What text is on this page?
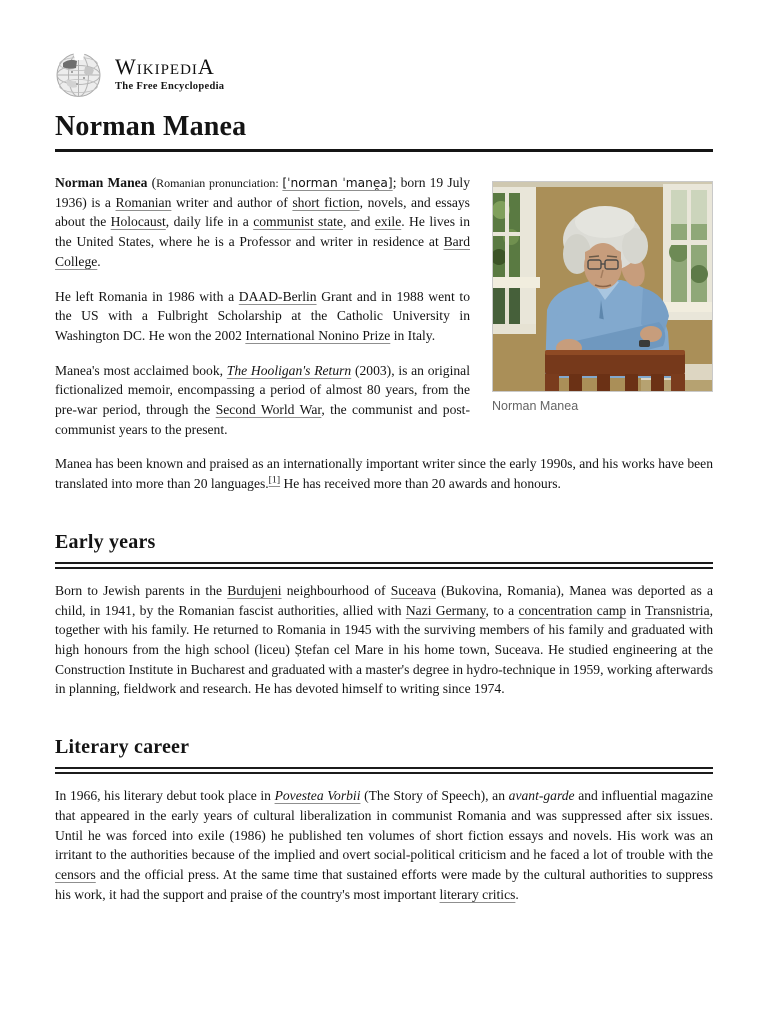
WikipediA
The Free Encyclopedia
Norman Manea
Norman Manea

Norman Manea (Romanian pronunciation: [ˈnorman ˈmane̯a]; born 19 July 1936) is a Romanian writer and author of short fiction, novels, and essays about the Holocaust, daily life in a communist state, and exile. He lives in the United States, where he is a Professor and writer in residence at Bard College.

He left Romania in 1986 with a DAAD-Berlin Grant and in 1988 went to the US with a Fulbright Scholarship at the Catholic University in Washington DC. He won the 2002 International Nonino Prize in Italy.

Manea's most acclaimed book, The Hooligan's Return (2003), is an original fictionalized memoir, encompassing a period of almost 80 years, from the pre-war period, through the Second World War, the communist and post-communist years to the present.

Manea has been known and praised as an internationally important writer since the early 1990s, and his works have been translated into more than 20 languages.[1] He has received more than 20 awards and honours.

Early years

Born to Jewish parents in the Burdujeni neighbourhood of Suceava (Bukovina, Romania), Manea was deported as a child, in 1941, by the Romanian fascist authorities, allied with Nazi Germany, to a concentration camp in Transnistria, together with his family. He returned to Romania in 1945 with the surviving members of his family and graduated with high honours from the high school (liceu) Ștefan cel Mare in his home town, Suceava. He studied engineering at the Construction Institute in Bucharest and graduated with a master's degree in hydro-technique in 1959, working afterwards in planning, fieldwork and research. He has devoted himself to writing since 1974.

Literary career

In 1966, his literary debut took place in Povestea Vorbii (The Story of Speech), an avant-garde and influential magazine that appeared in the early years of cultural liberalization in communist Romania and was suppressed after six issues. Until he was forced into exile (1986) he published ten volumes of short fiction essays and novels. His work was an irritant to the authorities because of the implied and overt social-political criticism and he faced a lot of trouble with the censors and the official press. At the same time that sustained efforts were made by the cultural authorities to suppress his work, it had the support and praise of the country's most important literary critics.
